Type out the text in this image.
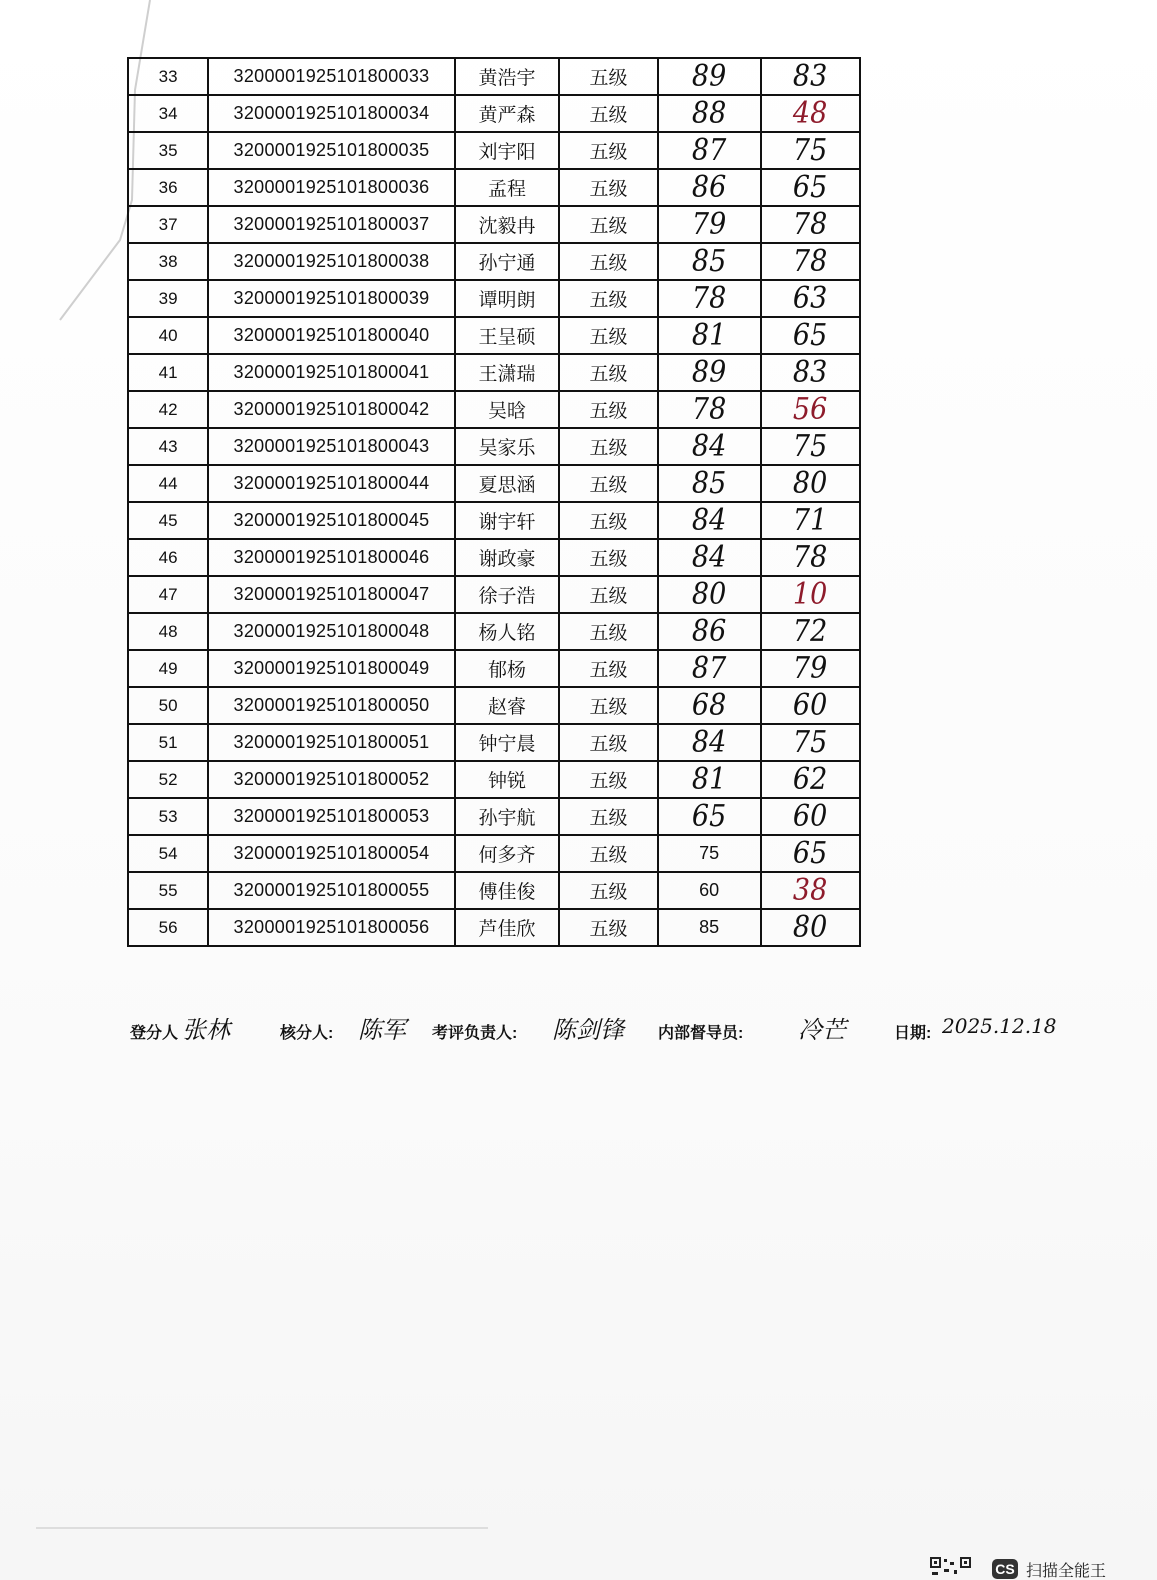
33	3200001925101800033	黄浩宇	五级	89	83
34	3200001925101800034	黄严森	五级	88	48
35	3200001925101800035	刘宇阳	五级	87	75
36	3200001925101800036	孟程	五级	86	65
37	3200001925101800037	沈毅冉	五级	79	78
38	3200001925101800038	孙宁通	五级	85	78
39	3200001925101800039	谭明朗	五级	78	63
40	3200001925101800040	王呈硕	五级	81	65
41	3200001925101800041	王潇瑞	五级	89	83
42	3200001925101800042	吴晗	五级	78	56
43	3200001925101800043	吴家乐	五级	84	75
44	3200001925101800044	夏思涵	五级	85	80
45	3200001925101800045	谢宇轩	五级	84	71
46	3200001925101800046	谢政豪	五级	84	78
47	3200001925101800047	徐子浩	五级	80	10
48	3200001925101800048	杨人铭	五级	86	72
49	3200001925101800049	郁杨	五级	87	79
50	3200001925101800050	赵睿	五级	68	60
51	3200001925101800051	钟宁晨	五级	84	75
52	3200001925101800052	钟锐	五级	81	62
53	3200001925101800053	孙宇航	五级	65	60
54	3200001925101800054	何多齐	五级	75	65
55	3200001925101800055	傅佳俊	五级	60	38
56	3200001925101800056	芦佳欣	五级	85	80
登分人 张林	核分人: 陈军 考评负责人: 陈剑锋 内部督导员: 冷芒	日期: 2025.12.18
CS 扫描全能王
